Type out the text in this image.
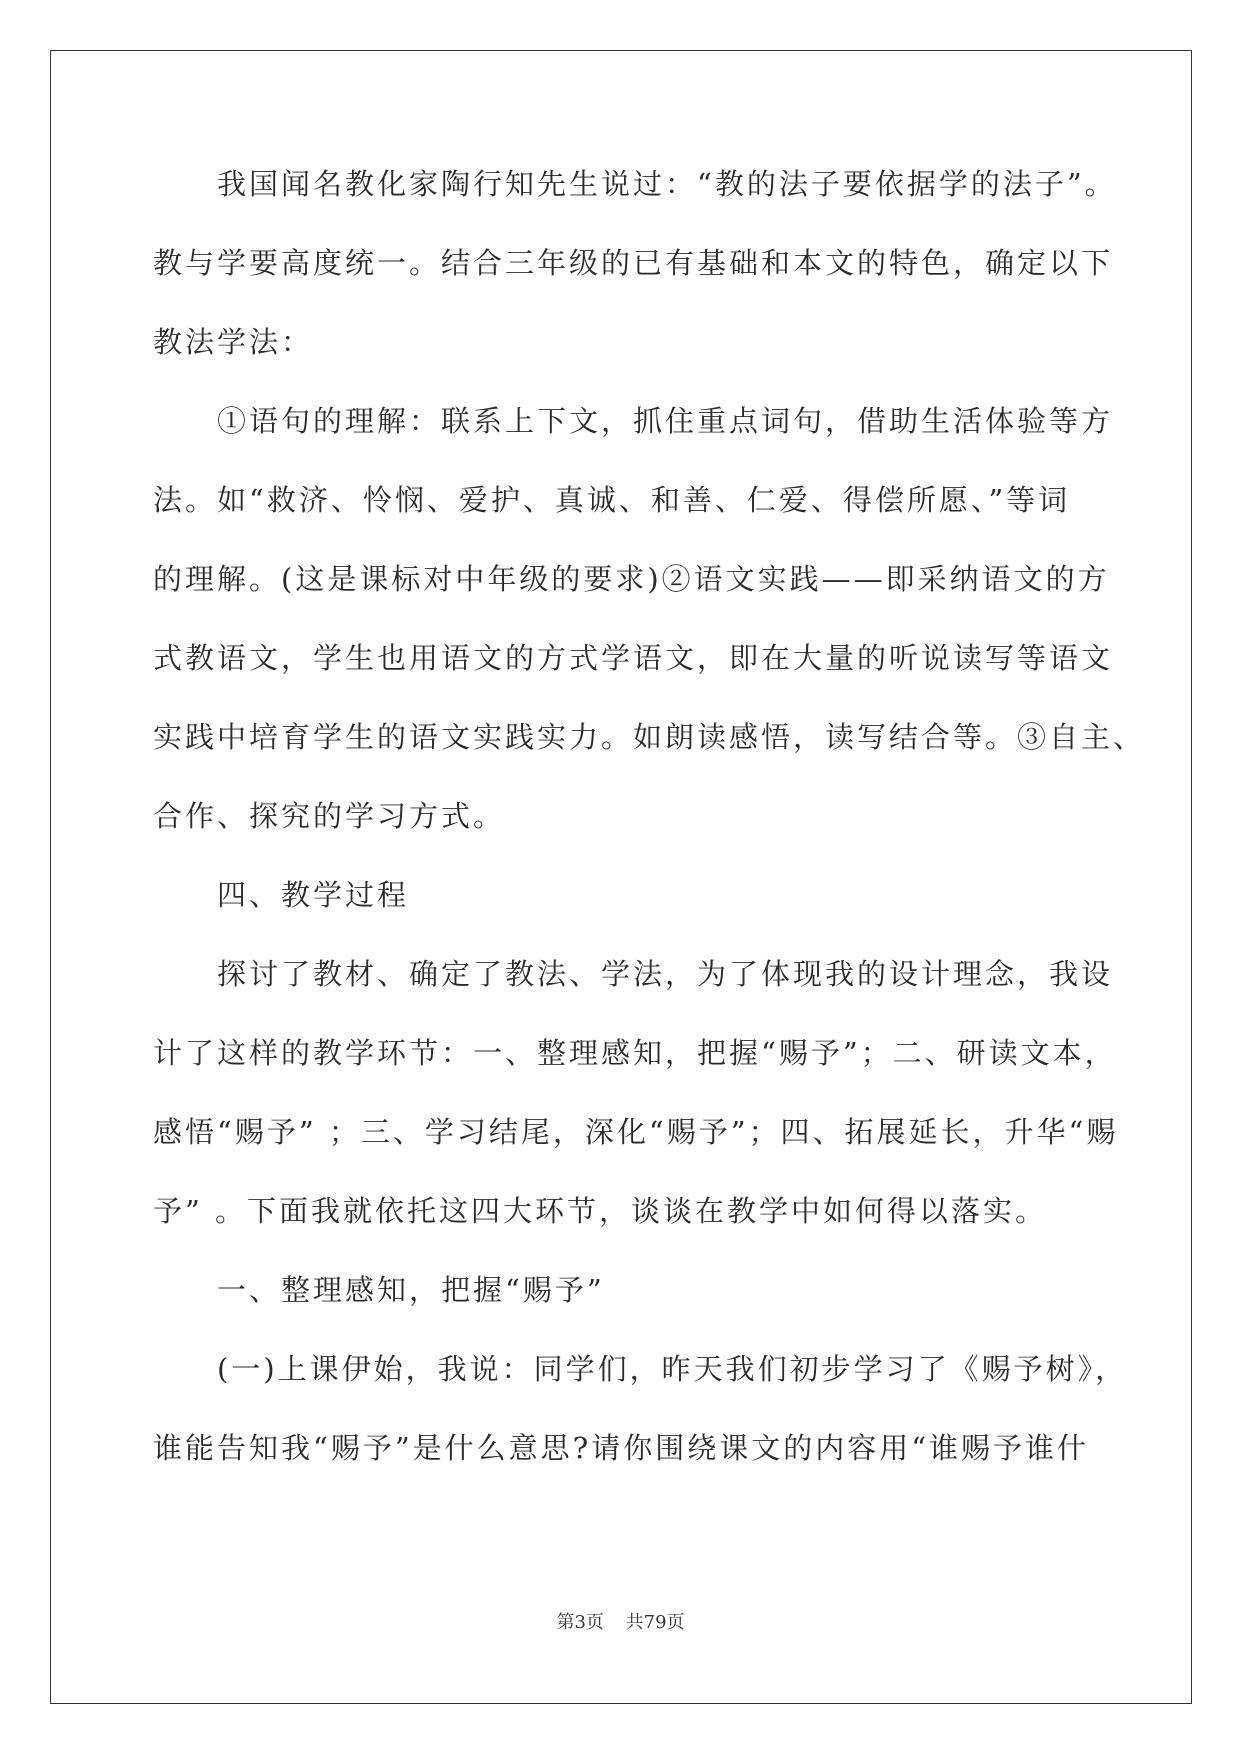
　　我国闻名教化家陶行知先生说过：“教的法子要依据学的法子”。
教与学要高度统一。结合三年级的已有基础和本文的特色，确定以下
教法学法：
　　①语句的理解：联系上下文，抓住重点词句，借助生活体验等方
法。如“救济、怜悯、爱护、真诚、和善、仁爱、得偿所愿、”等词
的理解。(这是课标对中年级的要求)②语文实践——即采纳语文的方
式教语文，学生也用语文的方式学语文，即在大量的听说读写等语文
实践中培育学生的语文实践实力。如朗读感悟，读写结合等。③自主、
合作、探究的学习方式。
　　四、教学过程
　　探讨了教材、确定了教法、学法，为了体现我的设计理念，我设
计了这样的教学环节：一、整理感知，把握“赐予”；二、研读文本，
感悟“赐予” ；三、学习结尾，深化“赐予”；四、拓展延长，升华“赐
予” 。下面我就依托这四大环节，谈谈在教学中如何得以落实。
　　一、整理感知，把握“赐予”
　　(一)上课伊始，我说：同学们，昨天我们初步学习了《赐予树》，
谁能告知我“赐予”是什么意思?请你围绕课文的内容用“谁赐予谁什
第3页 共79页
